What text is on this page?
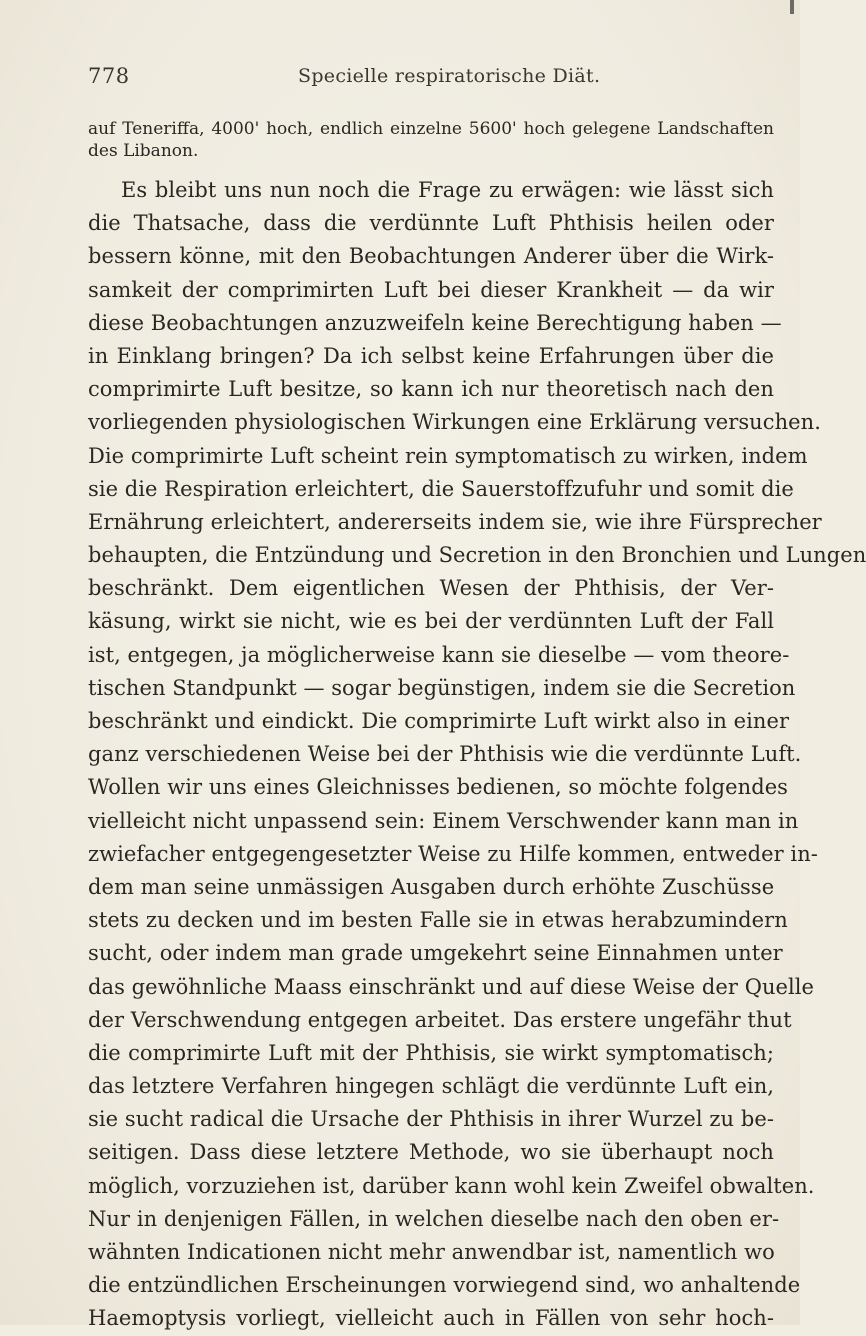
778	Specielle respiratorische Diät.
auf Teneriffa, 4000' hoch, endlich einzelne 5600' hoch gelegene Landschaften
des Libanon.
Es bleibt uns nun noch die Frage zu erwägen: wie lässt sich
die Thatsache, dass die verdünnte Luft Phthisis heilen oder
bessern könne, mit den Beobachtungen Anderer über die Wirk-
samkeit der comprimirten Luft bei dieser Krankheit — da wir
diese Beobachtungen anzuzweifeln keine Berechtigung haben —
in Einklang bringen? Da ich selbst keine Erfahrungen über die
comprimirte Luft besitze, so kann ich nur theoretisch nach den
vorliegenden physiologischen Wirkungen eine Erklärung versuchen.
Die comprimirte Luft scheint rein symptomatisch zu wirken, indem
sie die Respiration erleichtert, die Sauerstoffzufuhr und somit die
Ernährung erleichtert, andererseits indem sie, wie ihre Fürsprecher
behaupten, die Entzündung und Secretion in den Bronchien und Lungen
beschränkt. Dem eigentlichen Wesen der Phthisis, der Ver-
käsung, wirkt sie nicht, wie es bei der verdünnten Luft der Fall
ist, entgegen, ja möglicherweise kann sie dieselbe — vom theore-
tischen Standpunkt — sogar begünstigen, indem sie die Secretion
beschränkt und eindickt. Die comprimirte Luft wirkt also in einer
ganz verschiedenen Weise bei der Phthisis wie die verdünnte Luft.
Wollen wir uns eines Gleichnisses bedienen, so möchte folgendes
vielleicht nicht unpassend sein: Einem Verschwender kann man in
zwiefacher entgegengesetzter Weise zu Hilfe kommen, entweder in-
dem man seine unmässigen Ausgaben durch erhöhte Zuschüsse
stets zu decken und im besten Falle sie in etwas herabzumindern
sucht, oder indem man grade umgekehrt seine Einnahmen unter
das gewöhnliche Maass einschränkt und auf diese Weise der Quelle
der Verschwendung entgegen arbeitet. Das erstere ungefähr thut
die comprimirte Luft mit der Phthisis, sie wirkt symptomatisch;
das letztere Verfahren hingegen schlägt die verdünnte Luft ein,
sie sucht radical die Ursache der Phthisis in ihrer Wurzel zu be-
seitigen. Dass diese letztere Methode, wo sie überhaupt noch
möglich, vorzuziehen ist, darüber kann wohl kein Zweifel obwalten.
Nur in denjenigen Fällen, in welchen dieselbe nach den oben er-
wähnten Indicationen nicht mehr anwendbar ist, namentlich wo
die entzündlichen Erscheinungen vorwiegend sind, wo anhaltende
Haemoptysis vorliegt, vielleicht auch in Fällen von sehr hoch-
